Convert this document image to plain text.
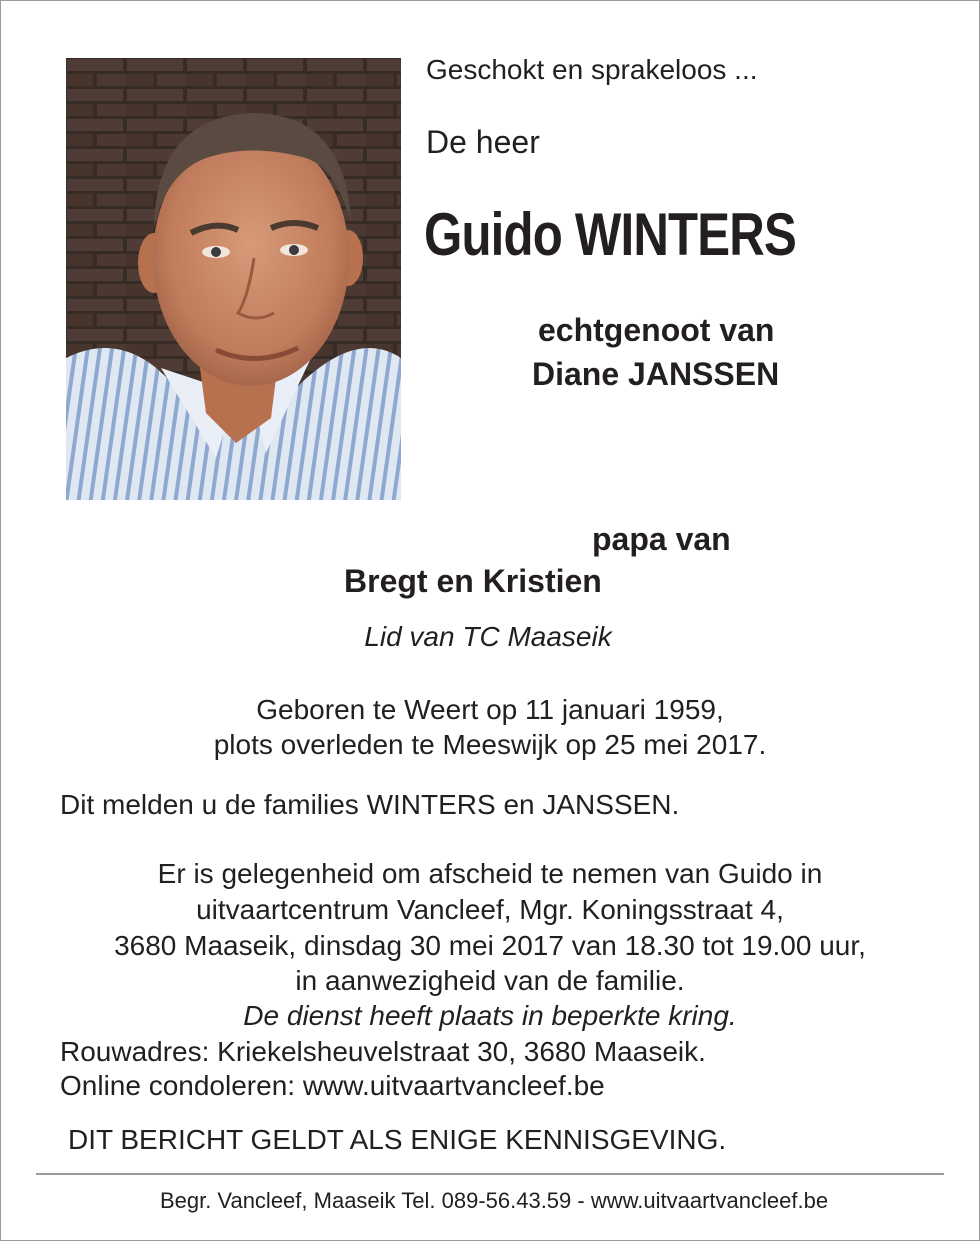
Geschokt en sprakeloos ...
De heer
Guido WINTERS
echtgenoot van
Diane JANSSEN
papa van
Bregt en Kristien
Lid van TC Maaseik
Geboren te Weert op 11 januari 1959,
plots overleden te Meeswijk op 25 mei 2017.
Dit melden u de families WINTERS en JANSSEN.
Er is gelegenheid om afscheid te nemen van Guido in
uitvaartcentrum Vancleef, Mgr. Koningsstraat 4,
3680 Maaseik, dinsdag 30 mei 2017 van 18.30 tot 19.00 uur,
in aanwezigheid van de familie.
De dienst heeft plaats in beperkte kring.
Rouwadres: Kriekelsheuvelstraat 30, 3680 Maaseik.
Online condoleren: www.uitvaartvancleef.be
DIT BERICHT GELDT ALS ENIGE KENNISGEVING.
Begr. Vancleef, Maaseik Tel. 089-56.43.59 - www.uitvaartvancleef.be
